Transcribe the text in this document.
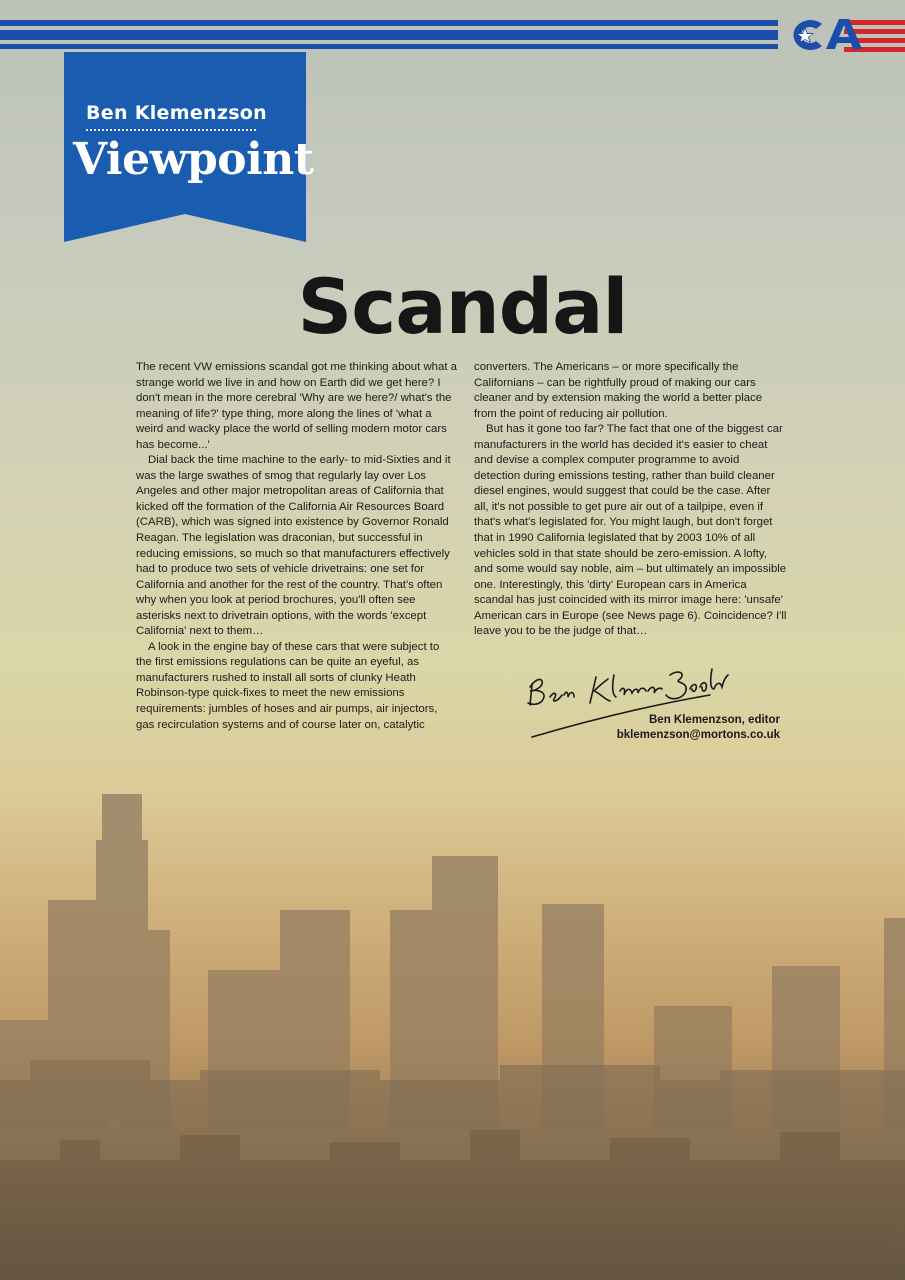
Ben Klemenzson
Viewpoint
Scandal

The recent VW emissions scandal got me thinking about what a strange world we live in and how on Earth did we get here? I don't mean in the more cerebral 'Why are we here?/ what's the meaning of life?' type thing, more along the lines of 'what a weird and wacky place the world of selling modern motor cars has become...'

Dial back the time machine to the early- to mid-Sixties and it was the large swathes of smog that regularly lay over Los Angeles and other major metropolitan areas of California that kicked off the formation of the California Air Resources Board (CARB), which was signed into existence by Governor Ronald Reagan. The legislation was draconian, but successful in reducing emissions, so much so that manufacturers effectively had to produce two sets of vehicle drivetrains: one set for California and another for the rest of the country. That's often why when you look at period brochures, you'll often see asterisks next to drivetrain options, with the words 'except California' next to them…

A look in the engine bay of these cars that were subject to the first emissions regulations can be quite an eyeful, as manufacturers rushed to install all sorts of clunky Heath Robinson-type quick-fixes to meet the new emissions requirements: jumbles of hoses and air pumps, air injectors, gas recirculation systems and of course later on, catalytic

converters. The Americans – or more specifically the Californians – can be rightfully proud of making our cars cleaner and by extension making the world a better place from the point of reducing air pollution.

But has it gone too far? The fact that one of the biggest car manufacturers in the world has decided it's easier to cheat and devise a complex computer programme to avoid detection during emissions testing, rather than build cleaner diesel engines, would suggest that could be the case. After all, it's not possible to get pure air out of a tailpipe, even if that's what's legislated for. You might laugh, but don't forget that in 1990 California legislated that by 2003 10% of all vehicles sold in that state should be zero-emission. A lofty, and some would say noble, aim – but ultimately an impossible one. Interestingly, this 'dirty' European cars in America scandal has just coincided with its mirror image here: 'unsafe' American cars in Europe (see News page 6). Coincidence? I'll leave you to be the judge of that…

Ben Klemenzson, editor
bklemenzson@mortons.co.uk
